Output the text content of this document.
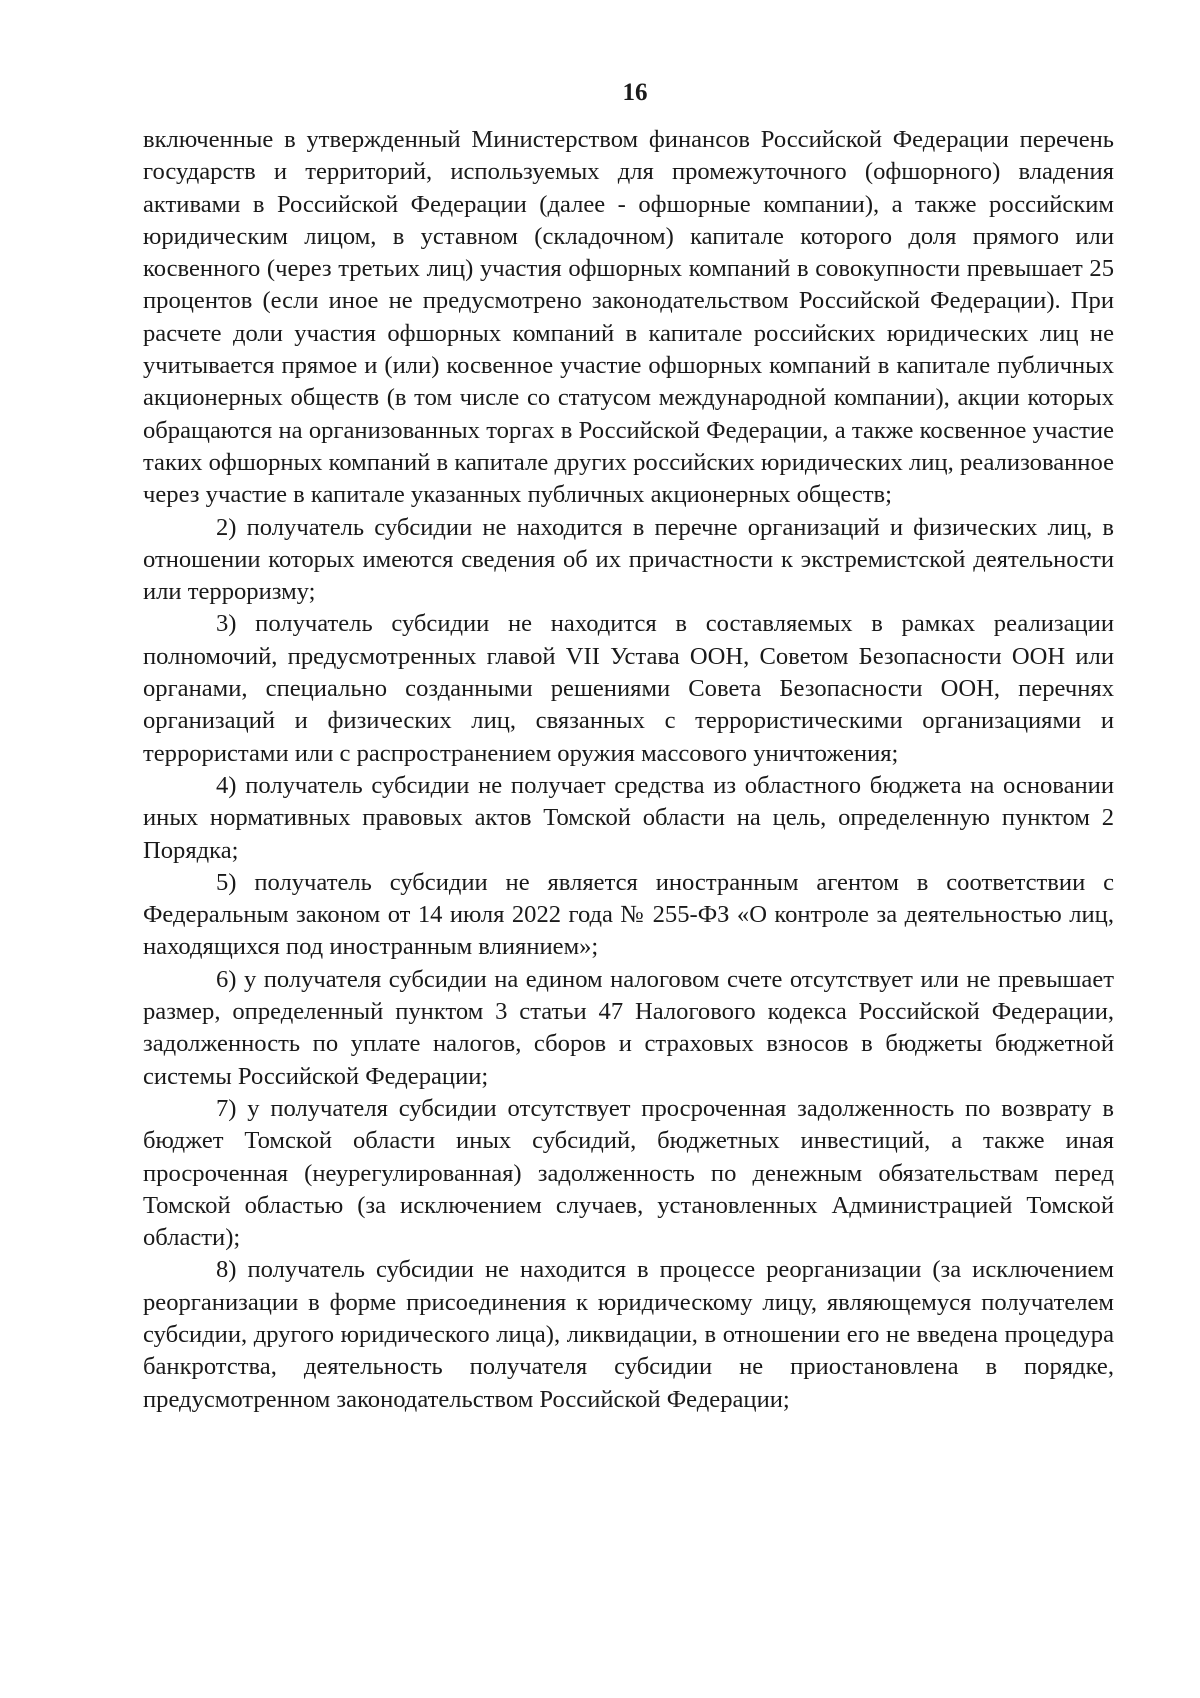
16

включенные в утвержденный Министерством финансов Российской Федерации перечень государств и территорий, используемых для промежуточного (офшорного) владения активами в Российской Федерации (далее - офшорные компании), а также российским юридическим лицом, в уставном (складочном) капитале которого доля прямого или косвенного (через третьих лиц) участия офшорных компаний в совокупности превышает 25 процентов (если иное не предусмотрено законодательством Российской Федерации). При расчете доли участия офшорных компаний в капитале российских юридических лиц не учитывается прямое и (или) косвенное участие офшорных компаний в капитале публичных акционерных обществ (в том числе со статусом международной компании), акции которых обращаются на организованных торгах в Российской Федерации, а также косвенное участие таких офшорных компаний в капитале других российских юридических лиц, реализованное через участие в капитале указанных публичных акционерных обществ;

2) получатель субсидии не находится в перечне организаций и физических лиц, в отношении которых имеются сведения об их причастности к экстремистской деятельности или терроризму;

3) получатель субсидии не находится в составляемых в рамках реализации полномочий, предусмотренных главой VII Устава ООН, Советом Безопасности ООН или органами, специально созданными решениями Совета Безопасности ООН, перечнях организаций и физических лиц, связанных с террористическими организациями и террористами или с распространением оружия массового уничтожения;

4) получатель субсидии не получает средства из областного бюджета на основании иных нормативных правовых актов Томской области на цель, определенную пунктом 2 Порядка;

5) получатель субсидии не является иностранным агентом в соответствии с Федеральным законом от 14 июля 2022 года № 255-ФЗ «О контроле за деятельностью лиц, находящихся под иностранным влиянием»;

6) у получателя субсидии на едином налоговом счете отсутствует или не превышает размер, определенный пунктом 3 статьи 47 Налогового кодекса Российской Федерации, задолженность по уплате налогов, сборов и страховых взносов в бюджеты бюджетной системы Российской Федерации;

7) у получателя субсидии отсутствует просроченная задолженность по возврату в бюджет Томской области иных субсидий, бюджетных инвестиций, а также иная просроченная (неурегулированная) задолженность по денежным обязательствам перед Томской областью (за исключением случаев, установленных Администрацией Томской области);

8) получатель субсидии не находится в процессе реорганизации (за исключением реорганизации в форме присоединения к юридическому лицу, являющемуся получателем субсидии, другого юридического лица), ликвидации, в отношении его не введена процедура банкротства, деятельность получателя субсидии не приостановлена в порядке, предусмотренном законодательством Российской Федерации;
